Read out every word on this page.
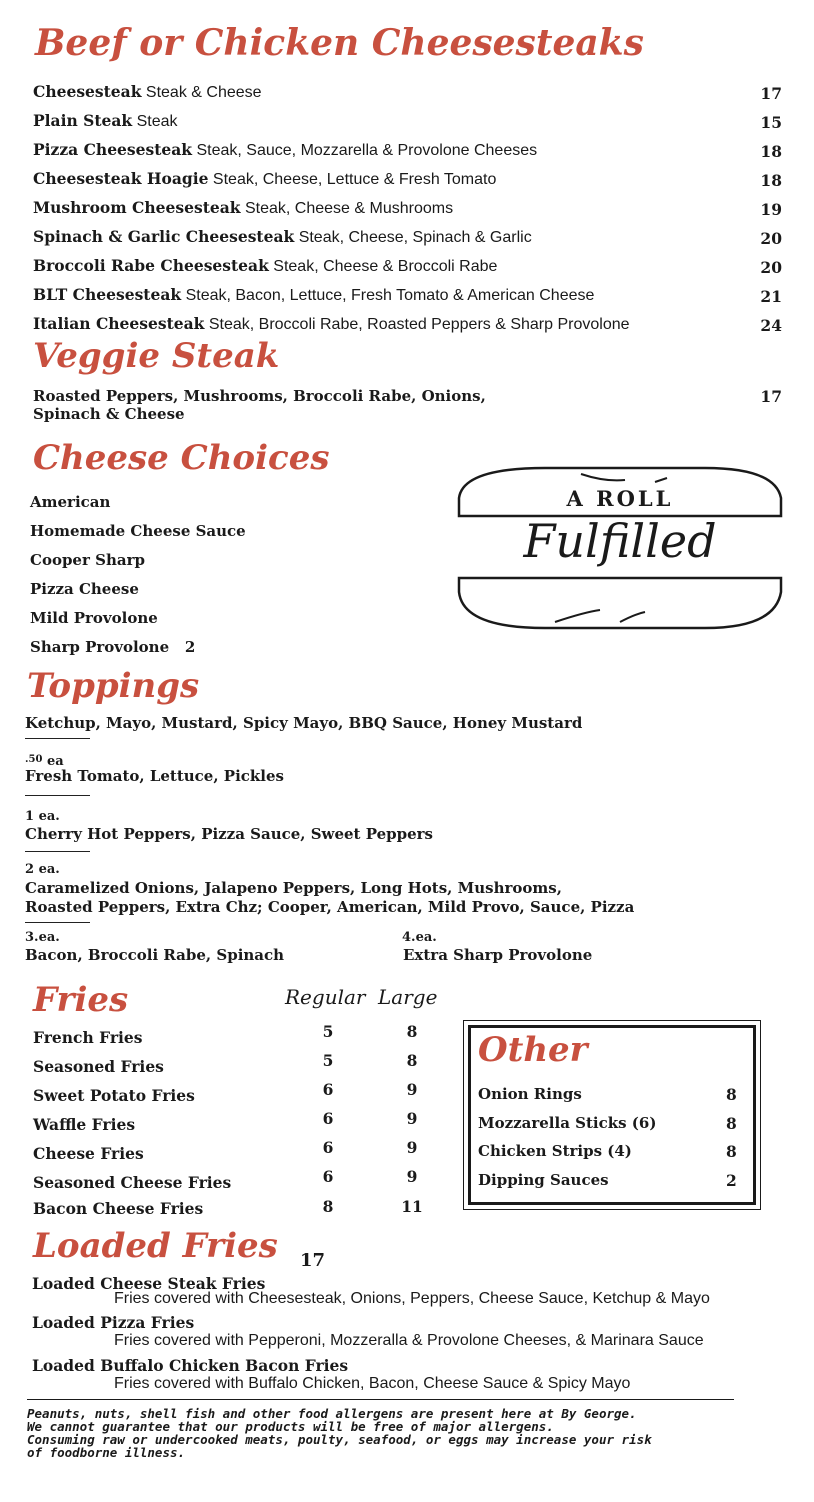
Beef or Chicken Cheesesteaks
Cheesesteak Steak & Cheese	17
Plain Steak Steak	15
Pizza Cheesesteak Steak, Sauce, Mozzarella & Provolone Cheeses	18
Cheesesteak Hoagie Steak, Cheese, Lettuce & Fresh Tomato	18
Mushroom Cheesesteak Steak, Cheese & Mushrooms	19
Spinach & Garlic Cheesesteak Steak, Cheese, Spinach & Garlic	20
Broccoli Rabe Cheesesteak Steak, Cheese & Broccoli Rabe	20
BLT Cheesesteak Steak, Bacon, Lettuce, Fresh Tomato & American Cheese	21
Italian Cheesesteak Steak, Broccoli Rabe, Roasted Peppers & Sharp Provolone	24
Veggie Steak
Roasted Peppers, Mushrooms, Broccoli Rabe, Onions,
Spinach & Cheese
17
Cheese Choices
American
Homemade Cheese Sauce
Cooper Sharp
Pizza Cheese
Mild Provolone
Sharp Provolone 2
A ROLL
Fulfilled
Toppings
Ketchup, Mayo, Mustard, Spicy Mayo, BBQ Sauce, Honey Mustard
$^{.50}$ ea
Fresh Tomato, Lettuce, Pickles
1 ea.
Cherry Hot Peppers, Pizza Sauce, Sweet Peppers
2 ea.
Caramelized Onions, Jalapeno Peppers, Long Hots, Mushrooms,
Roasted Peppers, Extra Chz; Cooper, American, Mild Provo, Sauce, Pizza
3.ea.
Bacon, Broccoli Rabe, Spinach
4.ea.
Extra Sharp Provolone
Fries	Regular Large
French Fries	5	8
Seasoned Fries	5	8
Sweet Potato Fries	6	9
Waffle Fries	6	9
Cheese Fries	6	9
Seasoned Cheese Fries	6	9
Bacon Cheese Fries	8	11
Other
Onion Rings	8
Mozzarella Sticks (6)	8
Chicken Strips (4)	8
Dipping Sauces	2
Loaded Fries 17
Loaded Cheese Steak Fries
Fries covered with Cheesesteak, Onions, Peppers, Cheese Sauce, Ketchup & Mayo
Loaded Pizza Fries
Fries covered with Pepperoni, Mozzeralla & Provolone Cheeses, & Marinara Sauce
Loaded Buffalo Chicken Bacon Fries
Fries covered with Buffalo Chicken, Bacon, Cheese Sauce & Spicy Mayo
Peanuts, nuts, shell fish and other food allergens are present here at By George.
We cannot guarantee that our products will be free of major allergens.
Consuming raw or undercooked meats, poulty, seafood, or eggs may increase your risk
of foodborne illness.
